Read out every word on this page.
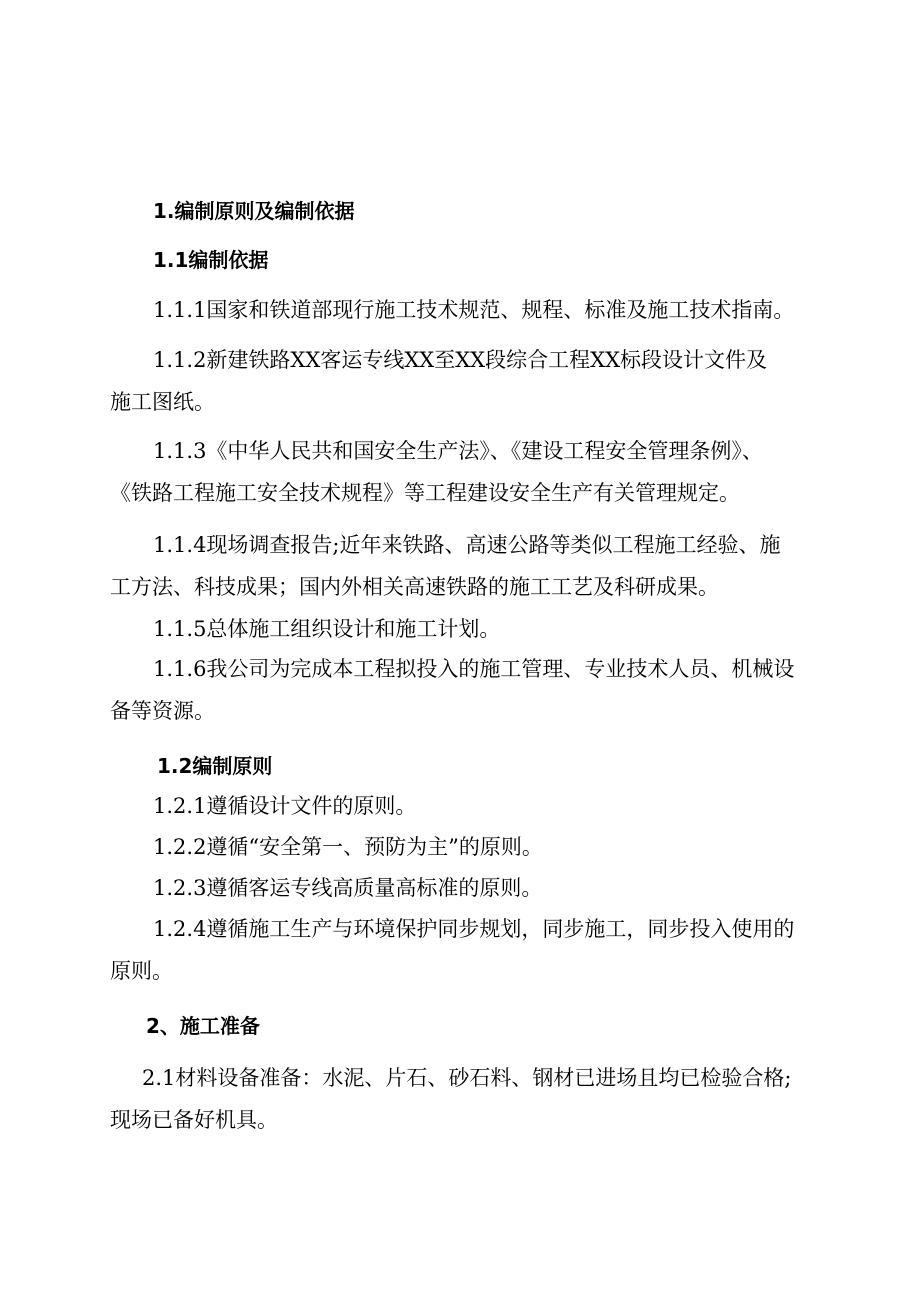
1.编制原则及编制依据
1.1编制依据
1.1.1国家和铁道部现行施工技术规范、规程、标准及施工技术指南。
1.1.2新建铁路XX客运专线XX至XX段综合工程XX标段设计文件及
施工图纸。
1.1.3《中华人民共和国安全生产法》、《建设工程安全管理条例》、
《铁路工程施工安全技术规程》等工程建设安全生产有关管理规定。
1.1.4现场调查报告;近年来铁路、高速公路等类似工程施工经验、施
工方法、科技成果；国内外相关高速铁路的施工工艺及科研成果。
1.1.5总体施工组织设计和施工计划。
1.1.6我公司为完成本工程拟投入的施工管理、专业技术人员、机械设
备等资源。
1.2编制原则
1.2.1遵循设计文件的原则。
1.2.2遵循“安全第一、预防为主”的原则。
1.2.3遵循客运专线高质量高标准的原则。
1.2.4遵循施工生产与环境保护同步规划，同步施工，同步投入使用的
原则。
2、施工准备
2.1材料设备准备：水泥、片石、砂石料、钢材已进场且均已检验合格;
现场已备好机具。
